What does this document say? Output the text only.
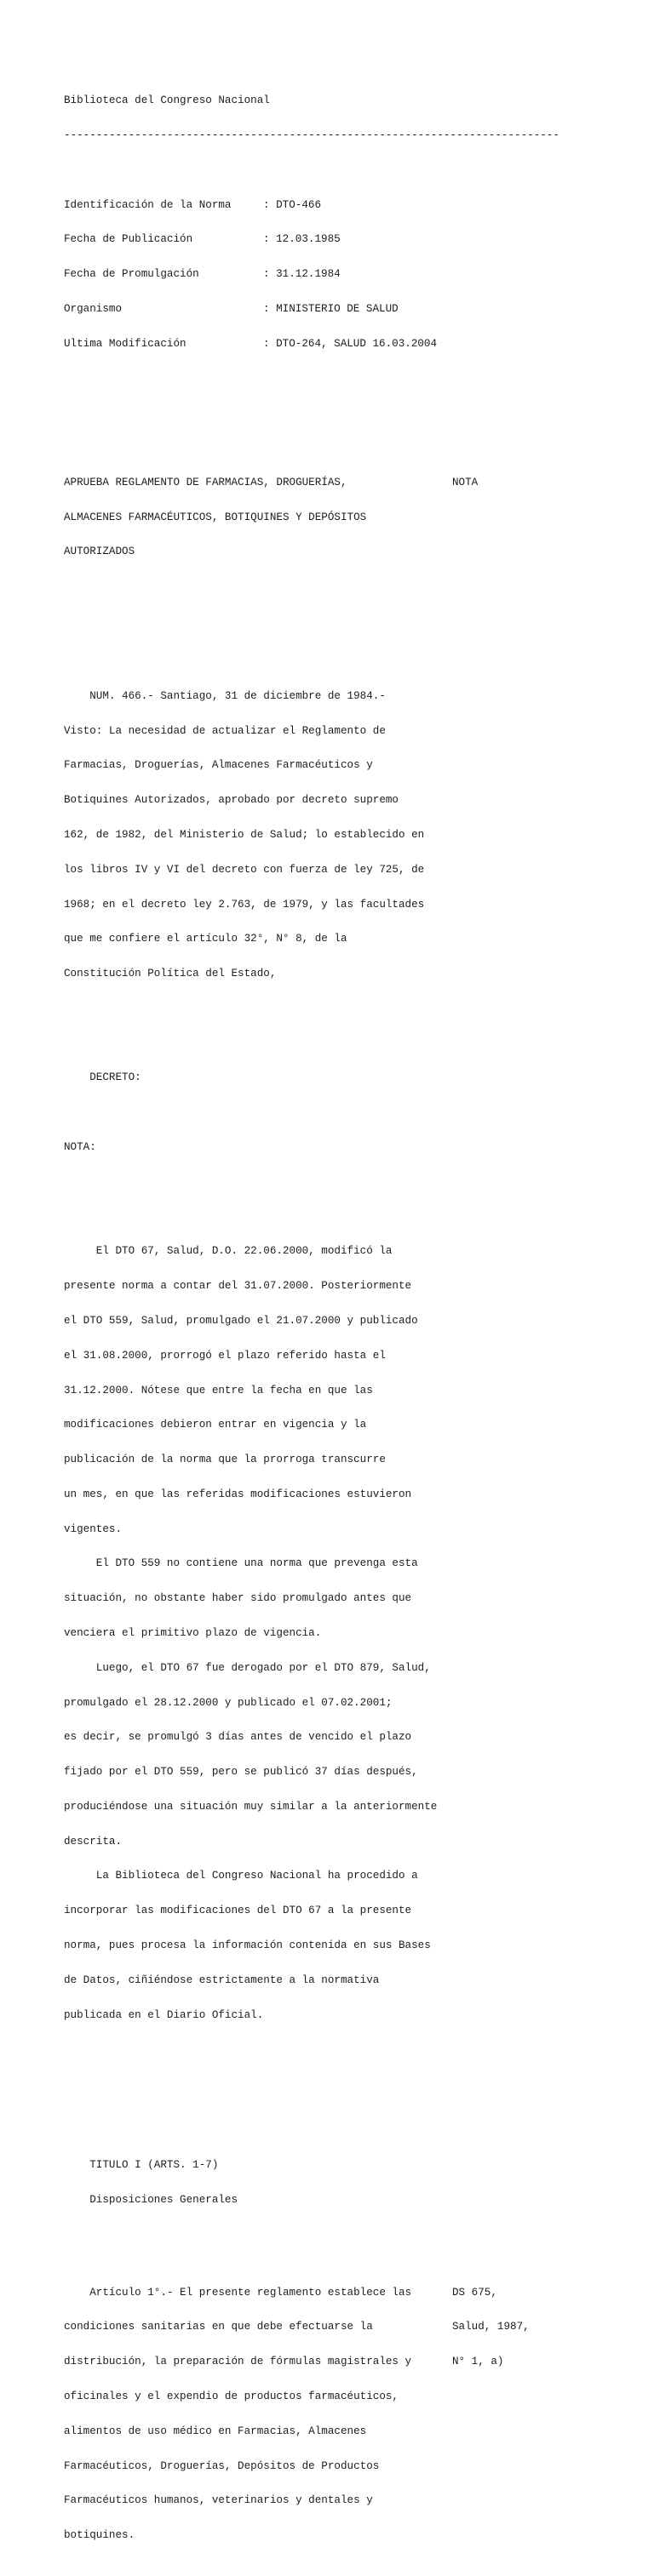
Biblioteca del Congreso Nacional

-----------------------------------------------------------------------------

Identificación de la Norma	: DTO-466

Fecha de Publicación	: 12.03.1985

Fecha de Promulgación	: 31.12.1984

Organismo	: MINISTERIO DE SALUD

Ultima Modificación	: DTO-264, SALUD 16.03.2004

APRUEBA REGLAMENTO DE FARMACIAS, DROGUERÍAS,	NOTA

ALMACENES FARMACÉUTICOS, BOTIQUINES Y DEPÓSITOS

AUTORIZADOS

NUM. 466.- Santiago, 31 de diciembre de 1984.-

Visto: La necesidad de actualizar el Reglamento de

Farmacias, Droguerías, Almacenes Farmacéuticos y

Botiquines Autorizados, aprobado por decreto supremo

162, de 1982, del Ministerio de Salud; lo establecido en

los libros IV y VI del decreto con fuerza de ley 725, de

1968; en el decreto ley 2.763, de 1979, y las facultades

que me confiere el artículo 32°, N° 8, de la

Constitución Política del Estado,

DECRETO:

NOTA:

El DTO 67, Salud, D.O. 22.06.2000, modificó la

presente norma a contar del 31.07.2000. Posteriormente

el DTO 559, Salud, promulgado el 21.07.2000 y publicado

el 31.08.2000, prorrogó el plazo referido hasta el

31.12.2000. Nótese que entre la fecha en que las

modificaciones debieron entrar en vigencia y la

publicación de la norma que la prorroga transcurre

un mes, en que las referidas modificaciones estuvieron

vigentes.

El DTO 559 no contiene una norma que prevenga esta

situación, no obstante haber sido promulgado antes que

venciera el primitivo plazo de vigencia.

Luego, el DTO 67 fue derogado por el DTO 879, Salud,

promulgado el 28.12.2000 y publicado el 07.02.2001;

es decir, se promulgó 3 días antes de vencido el plazo

fijado por el DTO 559, pero se publicó 37 días después,

produciéndose una situación muy similar a la anteriormente

descrita.

La Biblioteca del Congreso Nacional ha procedido a

incorporar las modificaciones del DTO 67 a la presente

norma, pues procesa la información contenida en sus Bases

de Datos, ciñiéndose estrictamente a la normativa

publicada en el Diario Oficial.

TITULO I (ARTS. 1-7)

Disposiciones Generales

Artículo 1°.- El presente reglamento establece las	DS 675,

condiciones sanitarias en que debe efectuarse la	Salud, 1987,

distribución, la preparación de fórmulas magistrales y	N° 1, a)

oficinales y el expendio de productos farmacéuticos,

alimentos de uso médico en Farmacias, Almacenes

Farmacéuticos, Droguerías, Depósitos de Productos

Farmacéuticos humanos, veterinarios y dentales y

botiquines.
